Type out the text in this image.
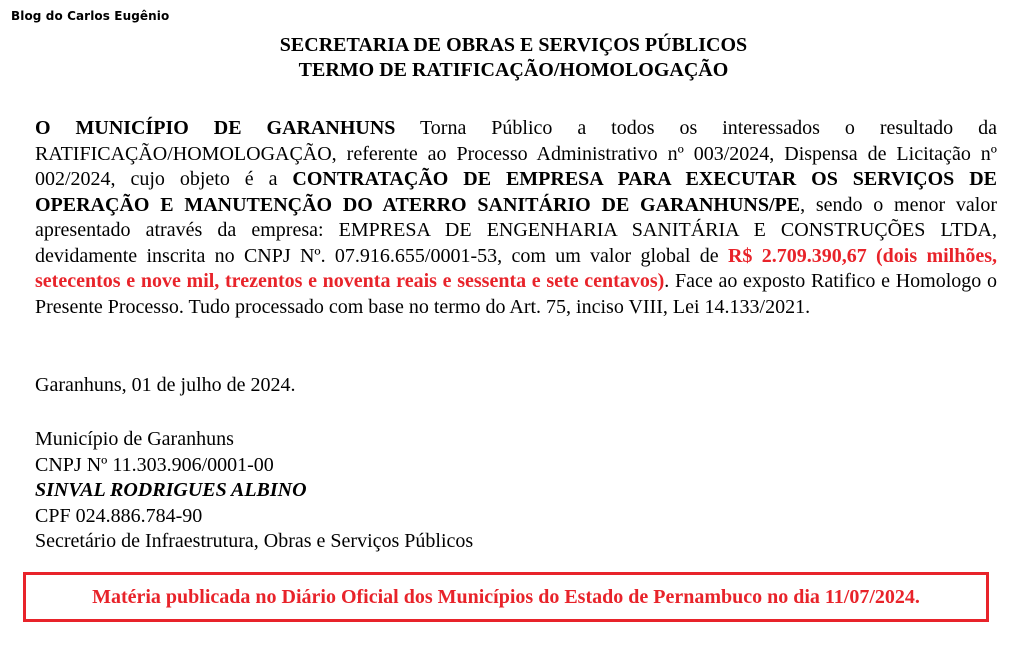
Blog do Carlos Eugênio
SECRETARIA DE OBRAS E SERVIÇOS PÚBLICOS
TERMO DE RATIFICAÇÃO/HOMOLOGAÇÃO
O MUNICÍPIO DE GARANHUNS Torna Público a todos os interessados o resultado da RATIFICAÇÃO/HOMOLOGAÇÃO, referente ao Processo Administrativo nº 003/2024, Dispensa de Licitação nº 002/2024, cujo objeto é a CONTRATAÇÃO DE EMPRESA PARA EXECUTAR OS SERVIÇOS DE OPERAÇÃO E MANUTENÇÃO DO ATERRO SANITÁRIO DE GARANHUNS/PE, sendo o menor valor apresentado através da empresa: EMPRESA DE ENGENHARIA SANITÁRIA E CONSTRUÇÕES LTDA, devidamente inscrita no CNPJ Nº. 07.916.655/0001-53, com um valor global de R$ 2.709.390,67 (dois milhões, setecentos e nove mil, trezentos e noventa reais e sessenta e sete centavos). Face ao exposto Ratifico e Homologo o Presente Processo. Tudo processado com base no termo do Art. 75, inciso VIII, Lei 14.133/2021.
Garanhuns, 01 de julho de 2024.
Município de Garanhuns
CNPJ Nº 11.303.906/0001-00
SINVAL RODRIGUES ALBINO
CPF 024.886.784-90
Secretário de Infraestrutura, Obras e Serviços Públicos
Matéria publicada no Diário Oficial dos Municípios do Estado de Pernambuco no dia 11/07/2024.
